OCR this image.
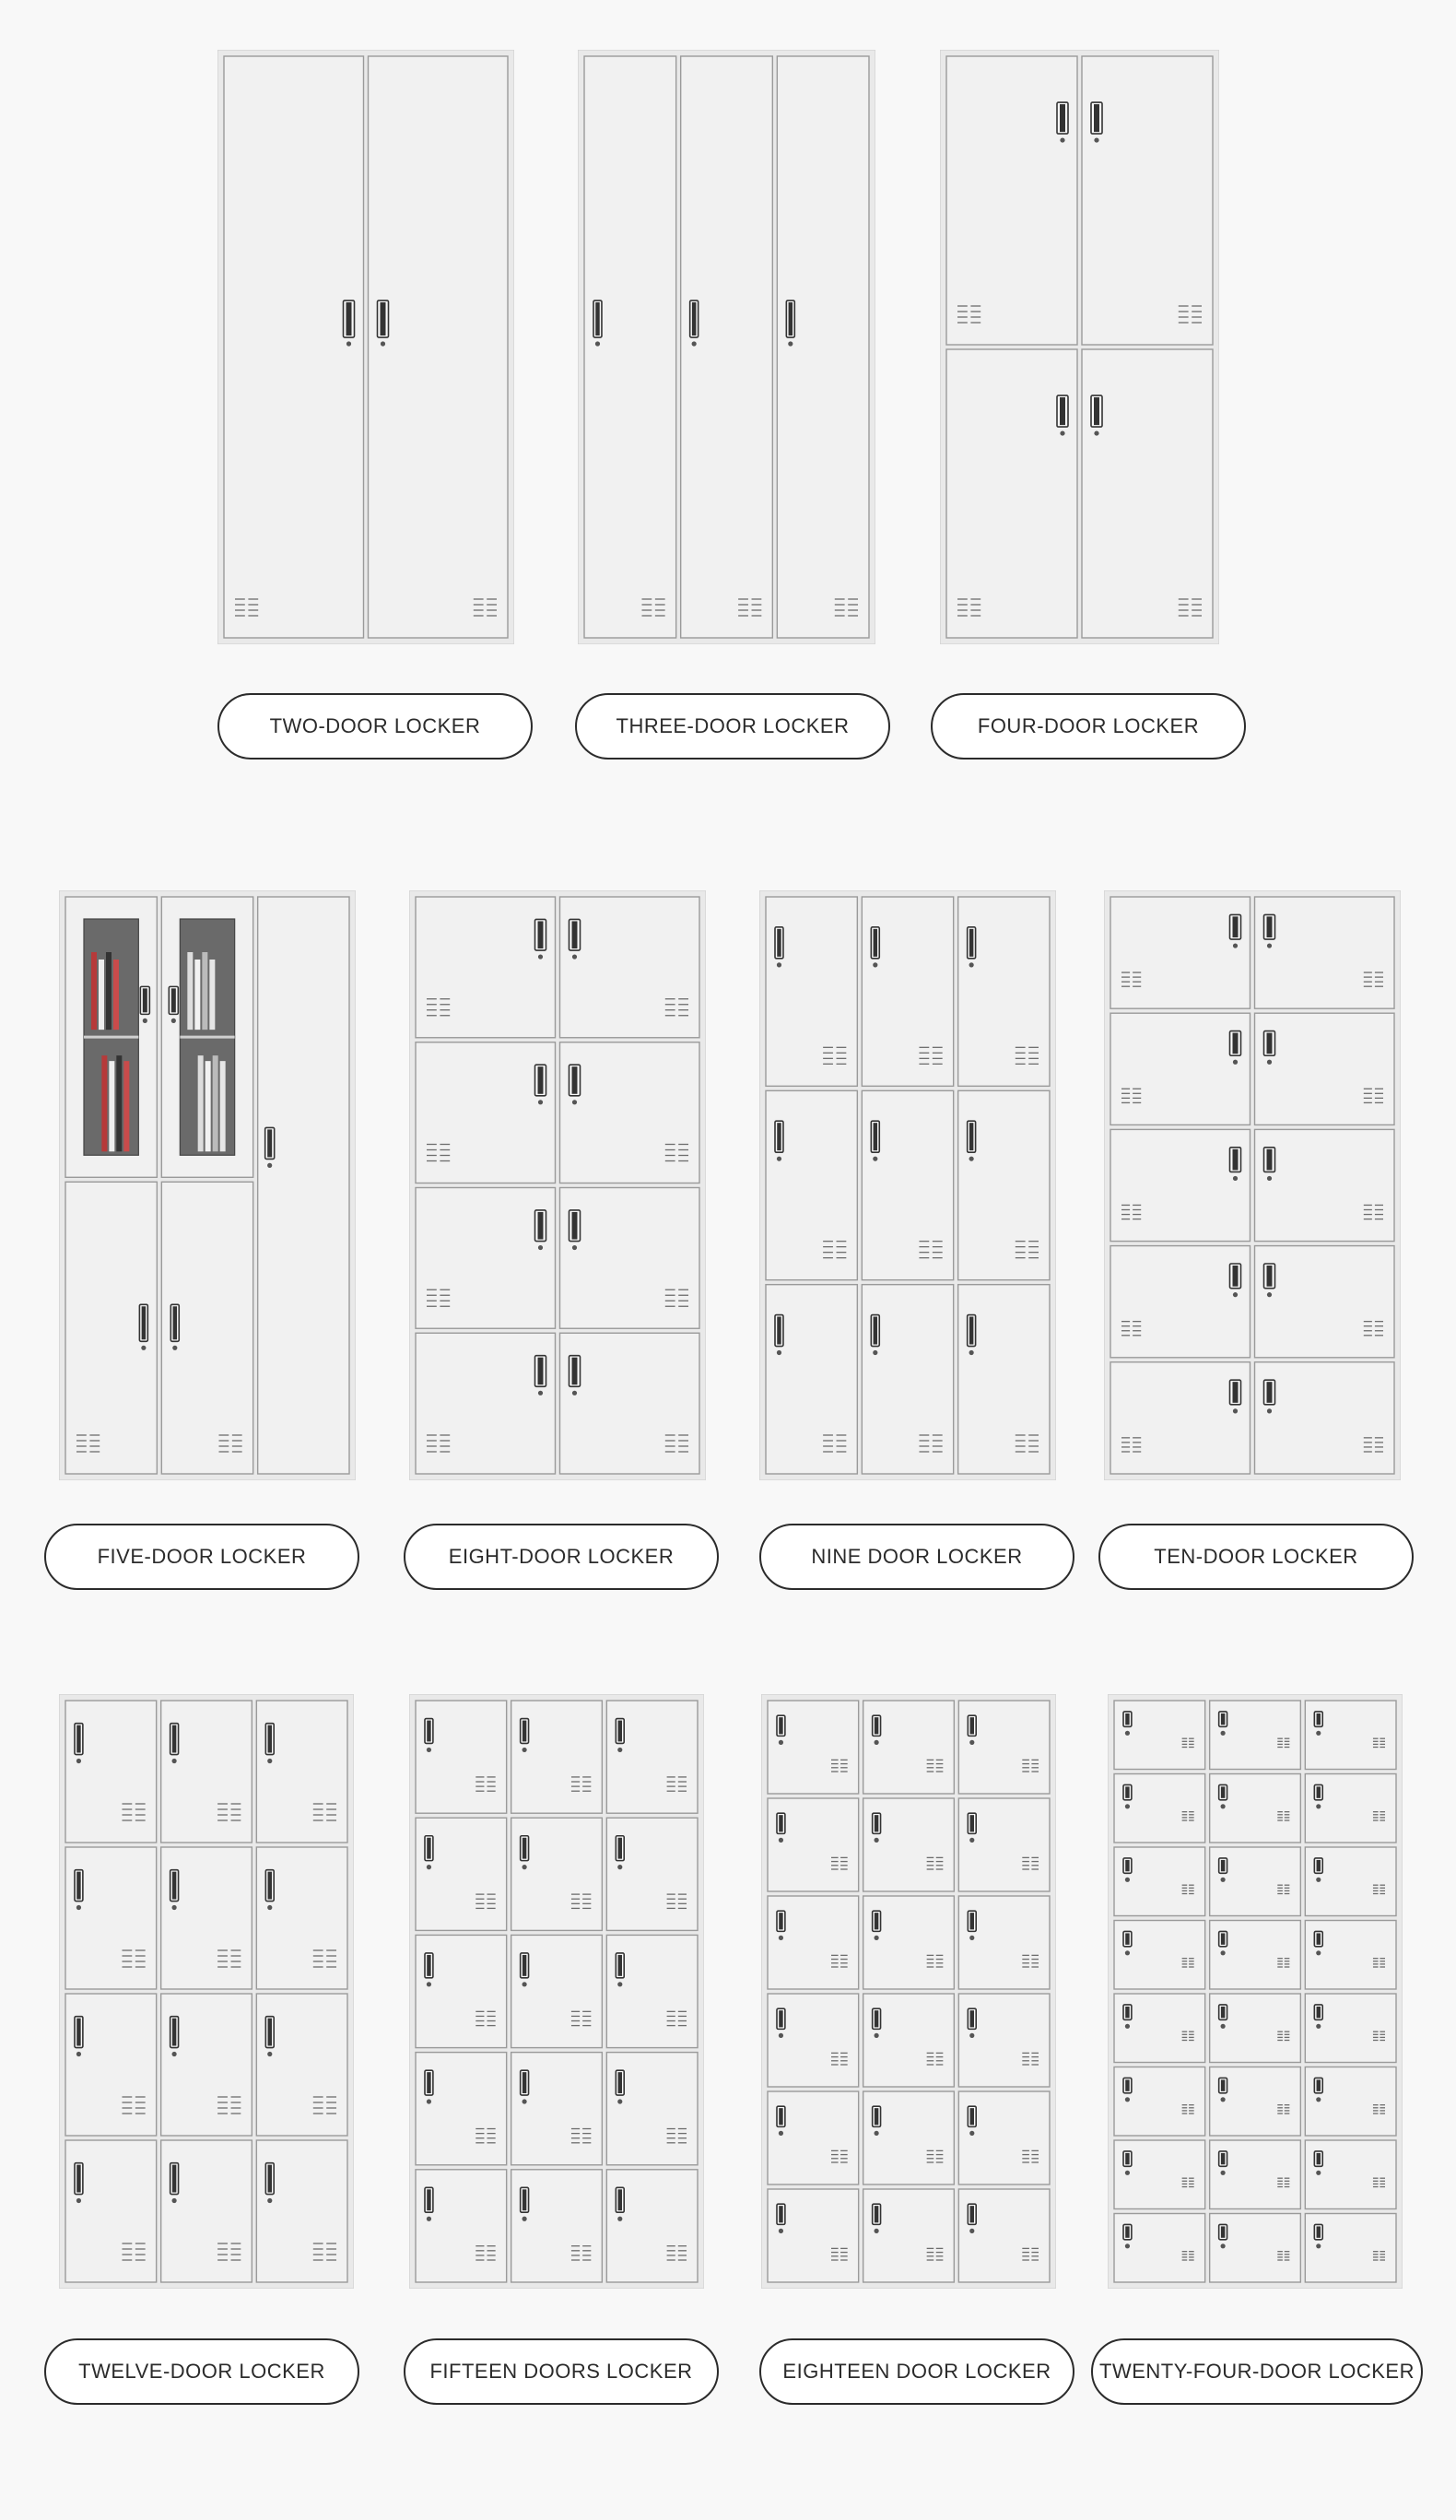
TWO-DOOR LOCKER	THREE-DOOR LOCKER	FOUR-DOOR LOCKER
FIVE-DOOR LOCKER	EIGHT-DOOR LOCKER	NINE DOOR LOCKER	TEN-DOOR LOCKER
TWELVE-DOOR LOCKER	FIFTEEN DOORS LOCKER	EIGHTEEN DOOR LOCKER	TWENTY-FOUR-DOOR LOCKER
